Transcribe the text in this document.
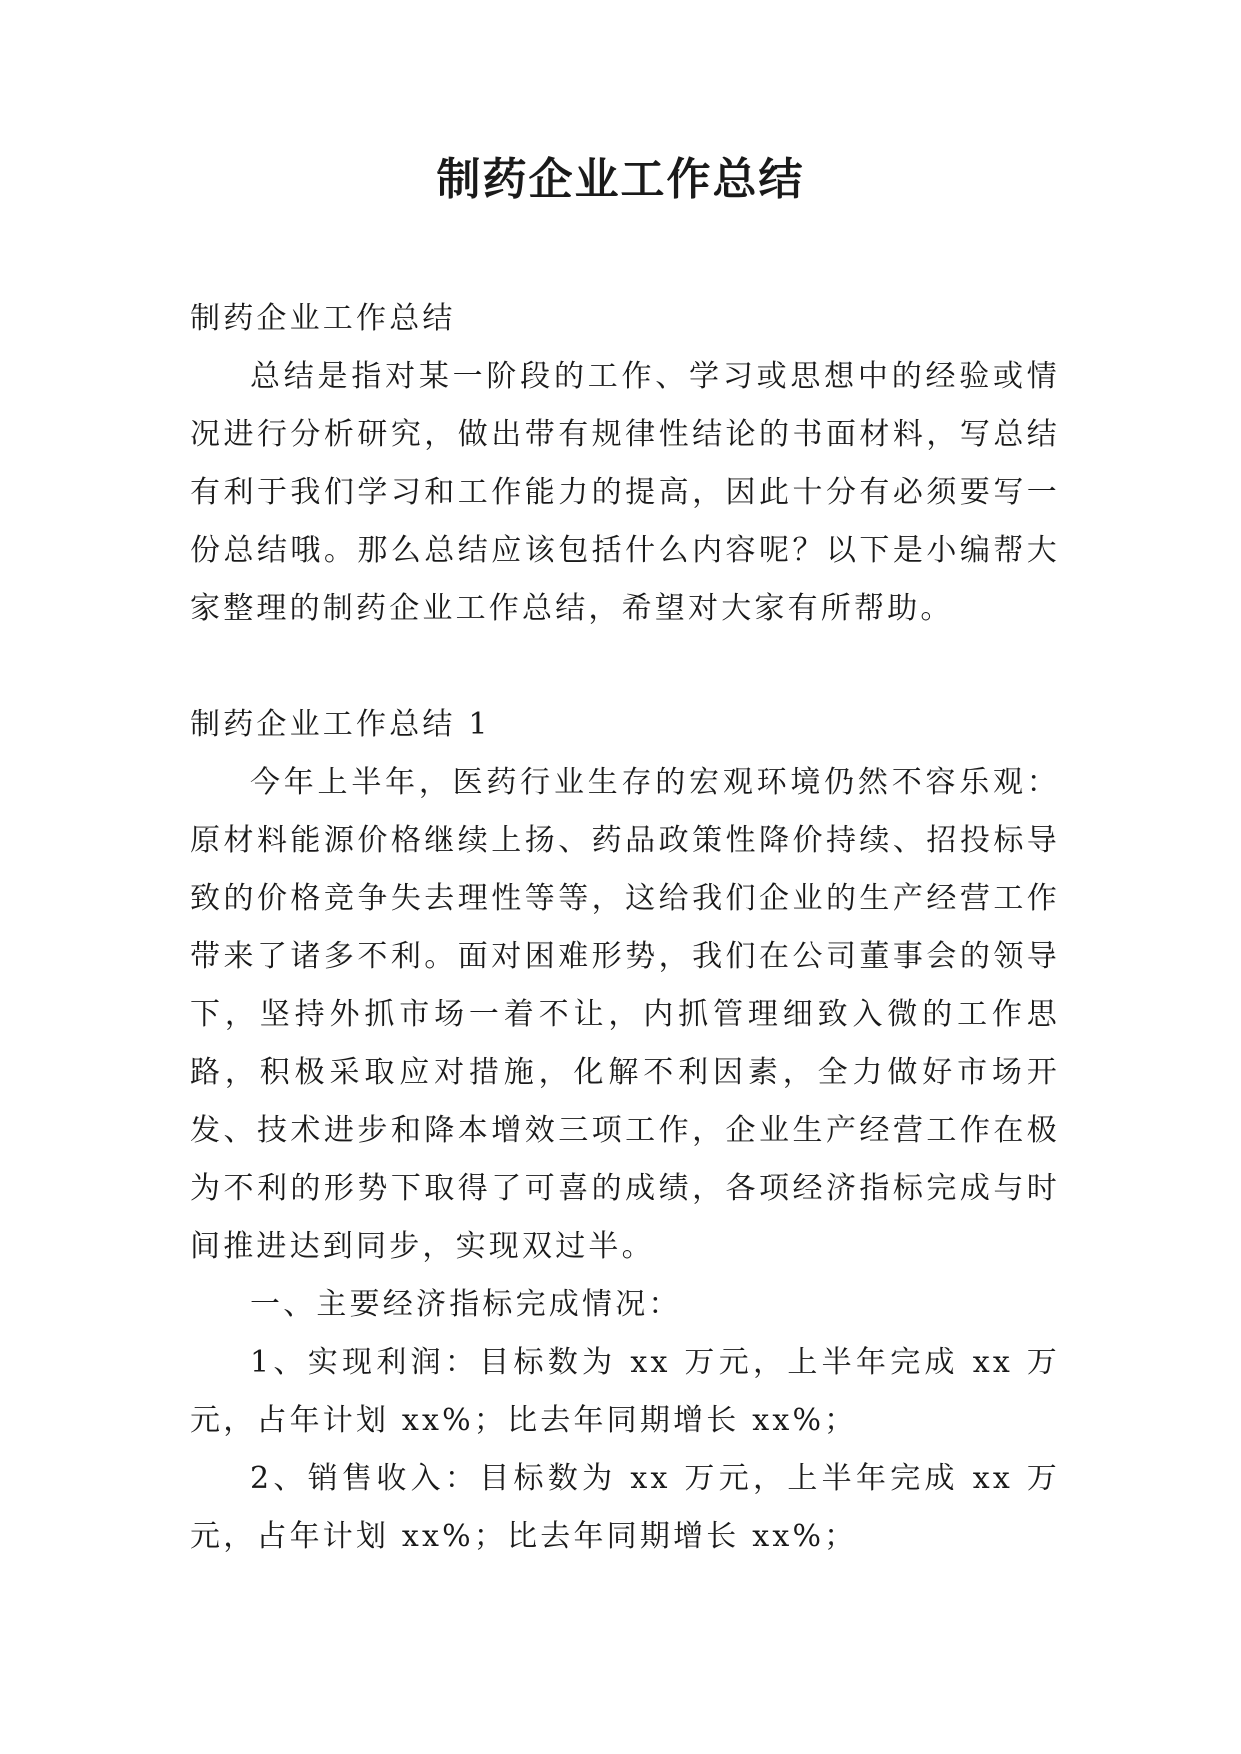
制药企业工作总结

制药企业工作总结

总结是指对某一阶段的工作、学习或思想中的经验或情况进行分析研究，做出带有规律性结论的书面材料，写总结有利于我们学习和工作能力的提高，因此十分有必须要写一份总结哦。那么总结应该包括什么内容呢？以下是小编帮大家整理的制药企业工作总结，希望对大家有所帮助。

制药企业工作总结 1

今年上半年，医药行业生存的宏观环境仍然不容乐观：原材料能源价格继续上扬、药品政策性降价持续、招投标导致的价格竞争失去理性等等，这给我们企业的生产经营工作带来了诸多不利。面对困难形势，我们在公司董事会的领导下，坚持外抓市场一着不让，内抓管理细致入微的工作思路，积极采取应对措施，化解不利因素，全力做好市场开发、技术进步和降本增效三项工作，企业生产经营工作在极为不利的形势下取得了可喜的成绩，各项经济指标完成与时间推进达到同步，实现双过半。

一、主要经济指标完成情况：

1、实现利润：目标数为 xx 万元，上半年完成 xx 万元，占年计划 xx%；比去年同期增长 xx%；

2、销售收入：目标数为 xx 万元，上半年完成 xx 万元，占年计划 xx%；比去年同期增长 xx%；
